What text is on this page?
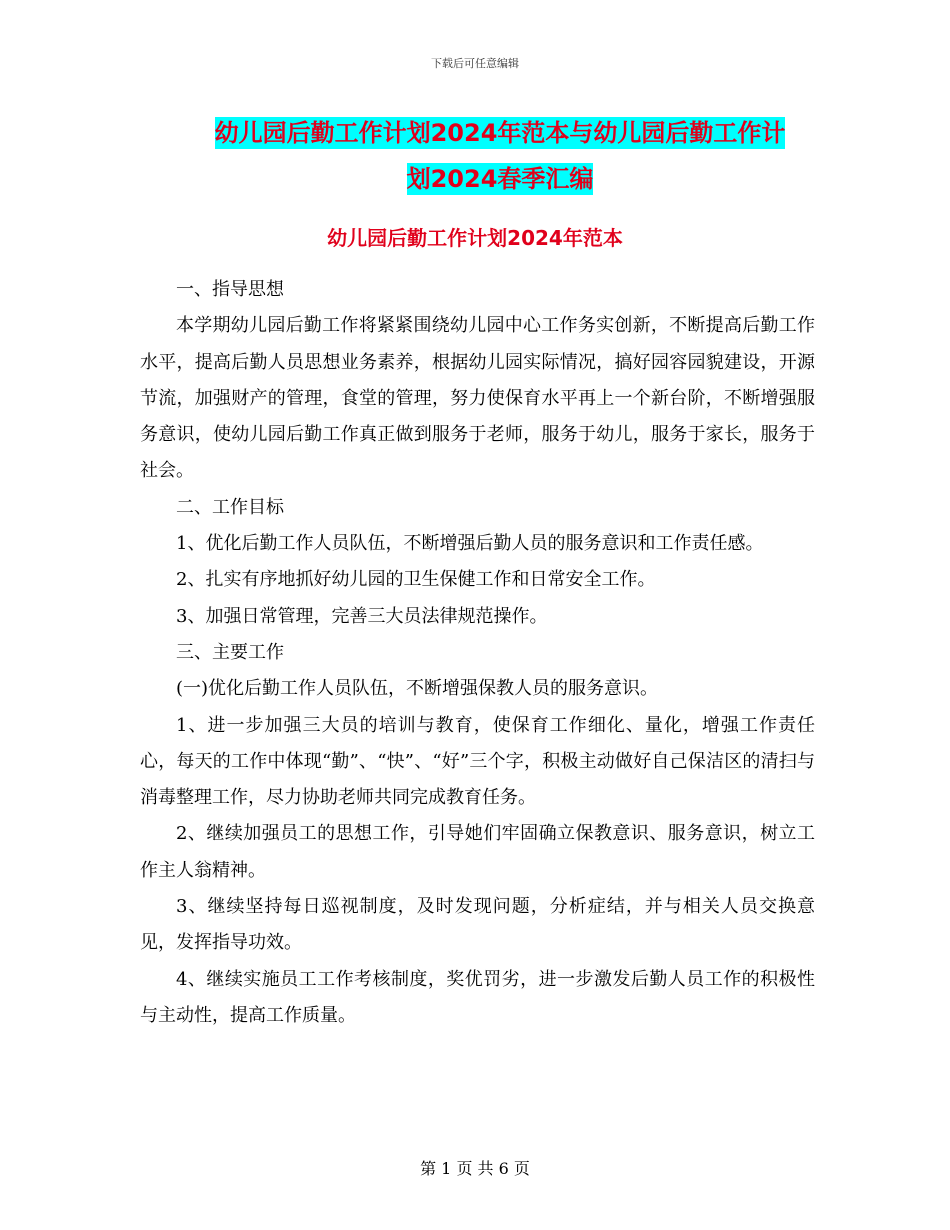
下载后可任意编辑
幼儿园后勤工作计划2024年范本与幼儿园后勤工作计
划2024春季汇编
幼儿园后勤工作计划2024年范本

一、指导思想

本学期幼儿园后勤工作将紧紧围绕幼儿园中心工作务实创新，不断提高后勤工作水平，提高后勤人员思想业务素养，根据幼儿园实际情况，搞好园容园貌建设，开源节流，加强财产的管理，食堂的管理，努力使保育水平再上一个新台阶，不断增强服务意识，使幼儿园后勤工作真正做到服务于老师，服务于幼儿，服务于家长，服务于社会。

二、工作目标

1、优化后勤工作人员队伍，不断增强后勤人员的服务意识和工作责任感。

2、扎实有序地抓好幼儿园的卫生保健工作和日常安全工作。

3、加强日常管理，完善三大员法律规范操作。

三、主要工作

(一)优化后勤工作人员队伍，不断增强保教人员的服务意识。

1、进一步加强三大员的培训与教育，使保育工作细化、量化，增强工作责任心，每天的工作中体现“勤”、“快”、“好”三个字，积极主动做好自己保洁区的清扫与消毒整理工作，尽力协助老师共同完成教育任务。

2、继续加强员工的思想工作，引导她们牢固确立保教意识、服务意识，树立工作主人翁精神。

3、继续坚持每日巡视制度，及时发现问题，分析症结，并与相关人员交换意见，发挥指导功效。

4、继续实施员工工作考核制度，奖优罚劣，进一步激发后勤人员工作的积极性与主动性，提高工作质量。

第 1 页 共 6 页
